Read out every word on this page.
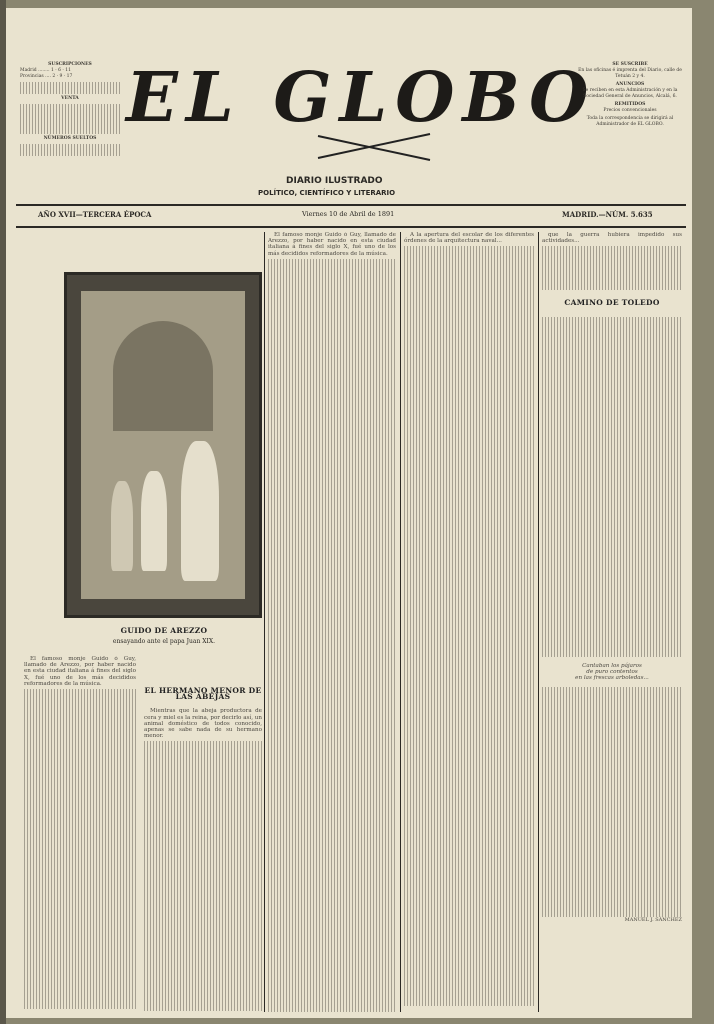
SUSCRIPCIONES
Madrid ........ 1 · 6 · 11
Provincias .... 2 · 9 · 17
VENTA
NÚMEROS SUELTOS
EL GLOBO
DIARIO ILUSTRADO
POLÍTICO, CIENTÍFICO Y LITERARIO
SE SUSCRIBE
En las oficinas é imprenta del Diario, calle de Tetuán 2 y 4.
ANUNCIOS
Se reciben en esta Administración y en la Sociedad General de Anuncios, Alcalá, 6.
REMITIDOS
Precios convencionales
Toda la correspondencia se dirigirá al Administrador de EL GLOBO.
AÑO XVII—TERCERA ÉPOCA	Viernes 10 de Abril de 1891	MADRID.—NÚM. 5.635
GUIDO DE AREZZO
ensayando ante el papa Juan XIX.

El famoso monje Guido ó Guy, llamado de Arezzo, por haber nacido en esta ciudad italiana á fines del siglo X, fué uno de los más decididos reformadores de la música.

Á la apertura del escolar de los diferentes órdenes de la arquitectura naval...

que la guerra hubiera impedido sus actividades...

CAMINO DE TOLEDO
Cantaban los pájaros
de puro contentos
en las frescas arboledas...
MANUEL J. SÁNCHEZ

El famoso monje Guido ó Guy, llamado de Arezzo, por haber nacido en esta ciudad italiana á fines del siglo X, fué uno de los más decididos reformadores de la música.

EL HERMANO MENOR DE LAS ABEJAS

Mientras que la abeja productora de cera y miel es la reina, por decirlo así, un animal doméstico de todos conocido, apenas se sabe nada de su hermano menor.
